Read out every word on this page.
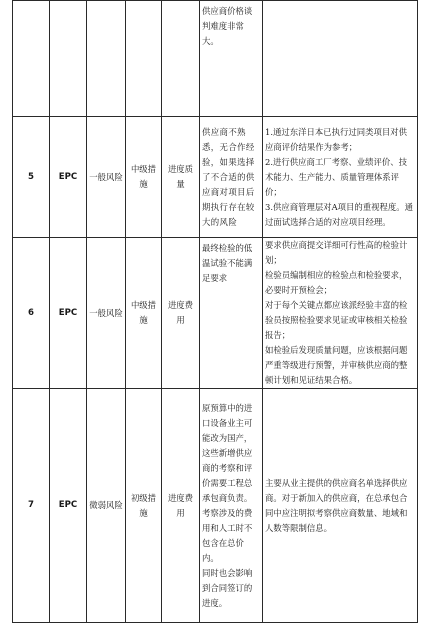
					供应商价格谈判难度非常大。	
5	EPC	一般风险	中级措施	进度质量	供应商不熟悉，无合作经验，如果选择了不合适的供应商对项目后期执行存在较大的风险	1.通过东洋日本已执行过同类项目对供应商评价结果作为参考；
2.进行供应商工厂考察、业绩评价、技术能力、生产能力、质量管理体系评价；
3.供应商管理层对A项目的重视程度。通过面试选择合适的对应项目经理。

6	EPC	一般风险	中级措施	进度费用	最终检验的低温试验不能满足要求	要求供应商提交详细可行性高的检验计划；
检验员编制相应的检验点和检验要求，必要时开预检会；
对于每个关键点都应该派经验丰富的检验员按照检验要求见证或审核相关检验报告；
如检验后发现质量问题，应该根据问题严重等级进行预警，并审核供应商的整顿计划和见证结果合格。

7	EPC	微弱风险	初级措施	进度费用	原预算中的进口设备业主可能改为国产，这些新增供应商的考察和评价需要工程总承包商负责。考察涉及的费用和人工时不包含在总价内。
同时也会影响到合同签订的进度。	主要从业主提供的供应商名单选择供应商。对于新加入的供应商，在总承包合同中应注明拟考察供应商数量、地域和人数等限制信息。
